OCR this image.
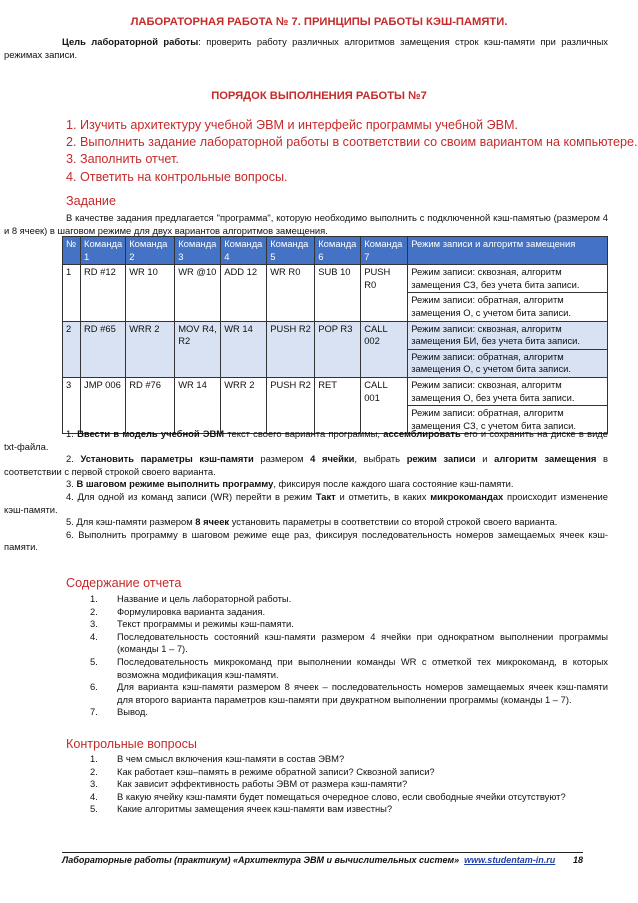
ЛАБОРАТОРНАЯ РАБОТА № 7. ПРИНЦИПЫ РАБОТЫ КЭШ-ПАМЯТИ.
Цель лабораторной работы: проверить работу различных алгоритмов замещения строк кэш-памяти при различных режимах записи.
ПОРЯДОК ВЫПОЛНЕНИЯ РАБОТЫ №7
1. Изучить архитектуру учебной ЭВМ и интерфейс программы учебной ЭВМ.
2. Выполнить задание лабораторной работы в соответствии со своим вариантом на компьютере.
3. Заполнить отчет.
4. Ответить на контрольные вопросы.
Задание
В качестве задания предлагается "программа", которую необходимо выполнить с подключенной кэш-памятью (размером 4 и 8 ячеек) в шаговом режиме для двух вариантов алгоритмов замещения.
№	Команда 1	Команда 2	Команда 3	Команда 4	Команда 5	Команда 6	Команда 7	Режим записи и алгоритм замещения
1	RD #12	WR 10	WR @10	ADD 12	WR R0	SUB 10	PUSH R0	Режим записи: сквозная, алгоритм замещения СЗ, без учета бита записи.
								Режим записи: обратная, алгоритм замещения О, с учетом бита записи.
2	RD #65	WRR 2	MOV R4, R2	WR 14	PUSH R2	POP R3	CALL 002	Режим записи: сквозная, алгоритм замещения БИ, без учета бита записи.
								Режим записи: обратная, алгоритм замещения О, с учетом бита записи.
3	JMP 006	RD #76	WR 14	WRR 2	PUSH R2	RET	CALL 001	Режим записи: сквозная, алгоритм замещения О, без учета бита записи.
								Режим записи: обратная, алгоритм замещения СЗ, с учетом бита записи.

1. Ввести в модель учебной ЭВМ текст своего варианта программы, ассемблировать его и сохранить на диске в виде txt-файла.

2. Установить параметры кэш-памяти размером 4 ячейки, выбрать режим записи и алгоритм замещения в соответствии с первой строкой своего варианта.

3. В шаговом режиме выполнить программу, фиксируя после каждого шага состояние кэш-памяти.

4. Для одной из команд записи (WR) перейти в режим Такт и отметить, в каких микрокомандах происходит изменение кэш-памяти.

5. Для кэш-памяти размером 8 ячеек установить параметры в соответствии со второй строкой своего варианта.

6. Выполнить программу в шаговом режиме еще раз, фиксируя последовательность номеров замещаемых ячеек кэш-памяти.

Содержание отчета
1.	Название и цель лабораторной работы.
2.	Формулировка варианта задания.
3.	Текст программы и режимы кэш-памяти.
4.	Последовательность состояний кэш-памяти размером 4 ячейки при однократном выполнении программы (команды 1 – 7).
5.	Последовательность микрокоманд при выполнении команды WR с отметкой тех микрокоманд, в которых возможна модификация кэш-памяти.
6.	Для варианта кэш-памяти размером 8 ячеек – последовательность номеров замещаемых ячеек кэш-памяти для второго варианта параметров кэш-памяти при двукратном выполнении программы (команды 1 – 7).
7.	Вывод.
Контрольные вопросы
1.	В чем смысл включения кэш-памяти в состав ЭВМ?
2.	Как работает кэш–память в режиме обратной записи? Сквозной записи?
3.	Как зависит эффективность работы ЭВМ от размера кэш-памяти?
4.	В какую ячейку кэш-памяти будет помещаться очередное слово, если свободные ячейки отсутствуют?
5.	Какие алгоритмы замещения ячеек кэш-памяти вам известны?
Лабораторные работы (практикум) «Архитектура ЭВМ и вычислительных систем» www.studentam-in.ru 18
